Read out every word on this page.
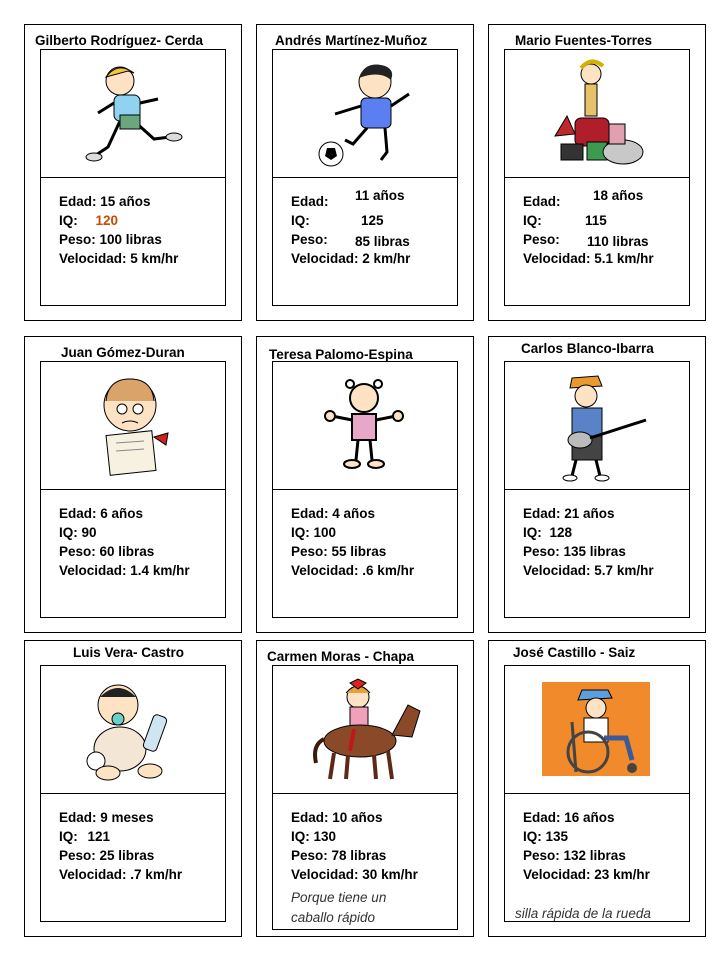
Gilberto Rodríguez- Cerda
Edad: 15 años
IQ: 120
Peso: 100 libras
Velocidad: 5 km/hr
Andrés Martínez-Muñoz
Edad: 11 años
IQ:	125
Peso: 85 libras
Velocidad: 2 km/hr
Mario Fuentes-Torres
Edad: 18 años
IQ:	115
Peso: 110 libras
Velocidad: 5.1 km/hr
Juan Gómez-Duran
Edad: 6 años
IQ: 90
Peso: 60 libras
Velocidad: 1.4 km/hr
Teresa Palomo-Espina
Edad: 4 años
IQ: 100
Peso: 55 libras
Velocidad: .6 km/hr
Carlos Blanco-Ibarra
Edad: 21 años
IQ: 128
Peso: 135 libras
Velocidad: 5.7 km/hr
Luis Vera- Castro
Edad: 9 meses
IQ: 121
Peso: 25 libras
Velocidad: .7 km/hr
Carmen Moras - Chapa
Edad: 10 años
IQ: 130
Peso: 78 libras
Velocidad: 30 km/hr
Porque tiene un
caballo rápido
José Castillo - Saiz
Edad: 16 años
IQ: 135
Peso: 132 libras
Velocidad: 23 km/hr
silla rápida de la rueda
